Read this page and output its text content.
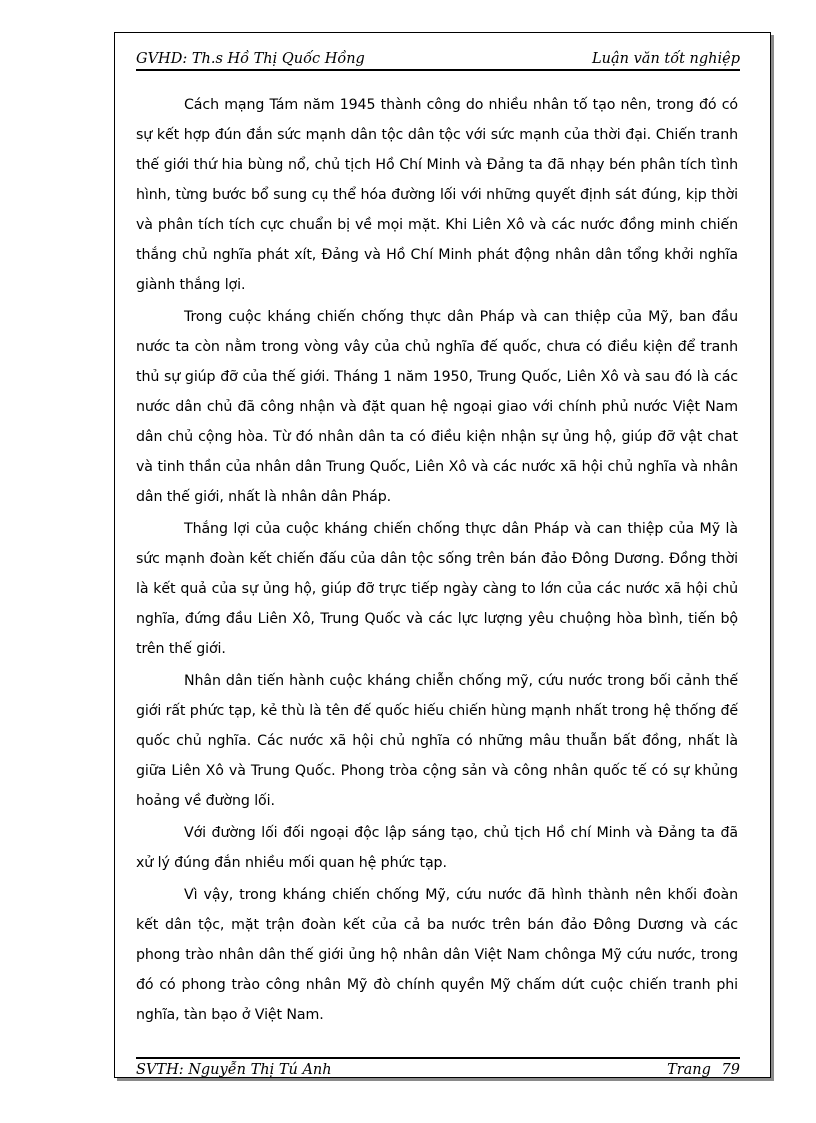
GVHD: Th.s Hồ Thị Quốc Hồng	Luận văn tốt nghiệp

Cách mạng Tám năm 1945 thành công do nhiều nhân tố tạo nên, trong đó có sự kết hợp đún đắn sức mạnh dân tộc dân tộc với sức mạnh của thời đại. Chiến tranh thế giới thứ hia bùng nổ, chủ tịch Hồ Chí Minh và Đảng ta đã nhạy bén phân tích tình hình, từng bước bổ sung cụ thể hóa đường lối với những quyết định sát đúng, kịp thời và phân tích tích cực chuẩn bị về mọi mặt. Khi Liên Xô và các nước đồng minh chiến thắng chủ nghĩa phát xít, Đảng và Hồ Chí Minh phát động nhân dân tổng khởi nghĩa giành thắng lợi.

Trong cuộc kháng chiến chống thực dân Pháp và can thiệp của Mỹ, ban đầu nước ta còn nằm trong vòng vây của chủ nghĩa đế quốc, chưa có điều kiện để tranh thủ sự giúp đỡ của thế giới. Tháng 1 năm 1950, Trung Quốc, Liên Xô và sau đó là các nước dân chủ đã công nhận và đặt quan hệ ngoại giao với chính phủ nước Việt Nam dân chủ cộng hòa. Từ đó nhân dân ta có điều kiện nhận sự ủng hộ, giúp đỡ vật chat và tinh thần của nhân dân Trung Quốc, Liên Xô và các nước xã hội chủ nghĩa và nhân dân thế giới, nhất là nhân dân Pháp.

Thắng lợi của cuộc kháng chiến chống thực dân Pháp và can thiệp của Mỹ là sức mạnh đoàn kết chiến đấu của dân tộc sống trên bán đảo Đông Dương. Đồng thời là kết quả của sự ủng hộ, giúp đỡ trực tiếp ngày càng to lớn của các nước xã hội chủ nghĩa, đứng đầu Liên Xô, Trung Quốc và các lực lượng yêu chuộng hòa bình, tiến bộ trên thế giới.

Nhân dân tiến hành cuộc kháng chiễn chống mỹ, cứu nước trong bối cảnh thế giới rất phức tạp, kẻ thù là tên đế quốc hiếu chiến hùng mạnh nhất trong hệ thống đế quốc chủ nghĩa. Các nước xã hội chủ nghĩa có những mâu thuẫn bất đồng, nhất là giữa Liên Xô và Trung Quốc. Phong tròa cộng sản và công nhân quốc tế có sự khủng hoảng về đường lối.

Với đường lối đối ngoại độc lập sáng tạo, chủ tịch Hồ chí Minh và Đảng ta đã xử lý đúng đắn nhiều mối quan hệ phức tạp.

Vì vậy, trong kháng chiến chống Mỹ, cứu nước đã hình thành nên khối đoàn kết dân tộc, mặt trận đoàn kết của cả ba nước trên bán đảo Đông Dương và các phong trào nhân dân thế giới ủng hộ nhân dân Việt Nam chônga Mỹ cứu nước, trong đó có phong trào công nhân Mỹ đò chính quyền Mỹ chấm dứt cuộc chiến tranh phi nghĩa, tàn bạo ở Việt Nam.

SVTH: Nguyễn Thị Tú Anh	Trang 79
